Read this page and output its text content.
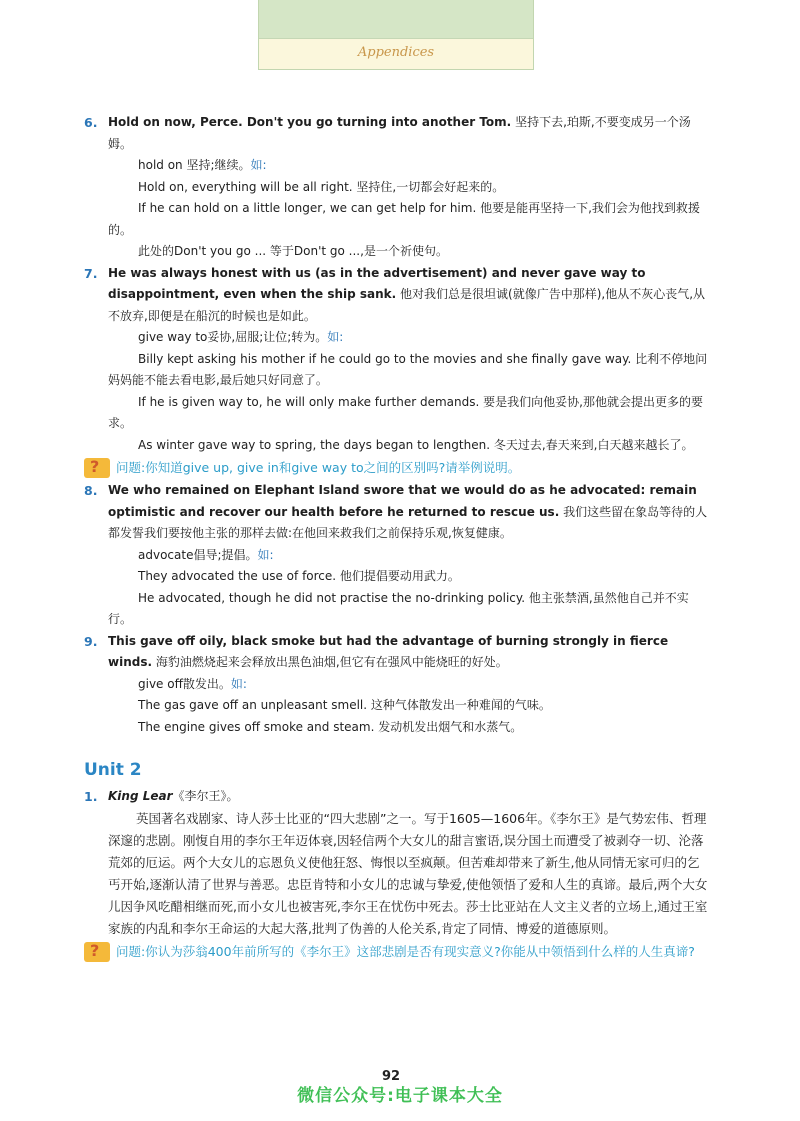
Appendices
6. Hold on now, Perce. Don't you go turning into another Tom. 坚持下去,珀斯,不要变成另一个汤姆。

hold on 坚持;继续。如:

Hold on, everything will be all right. 坚持住,一切都会好起来的。

If he can hold on a little longer, we can get help for him. 他要是能再坚持一下,我们会为他找到救援的。

此处的Don't you go ... 等于Don't go ...,是一个祈使句。

7. He was always honest with us (as in the advertisement) and never gave way to disappointment, even when the ship sank. 他对我们总是很坦诚(就像广告中那样),他从不灰心丧气,从不放弃,即便是在船沉的时候也是如此。

give way to妥协,屈服;让位;转为。如:

Billy kept asking his mother if he could go to the movies and she finally gave way. 比利不停地问妈妈能不能去看电影,最后她只好同意了。

If he is given way to, he will only make further demands. 要是我们向他妥协,那他就会提出更多的要求。

As winter gave way to spring, the days began to lengthen. 冬天过去,春天来到,白天越来越长了。

? 问题:你知道give up, give in和give way to之间的区别吗?请举例说明。
8. We who remained on Elephant Island swore that we would do as he advocated: remain optimistic and recover our health before he returned to rescue us. 我们这些留在象岛等待的人都发誓我们要按他主张的那样去做:在他回来救我们之前保持乐观,恢复健康。

advocate倡导;提倡。如:

They advocated the use of force. 他们提倡要动用武力。

He advocated, though he did not practise the no-drinking policy. 他主张禁酒,虽然他自己并不实行。

9. This gave off oily, black smoke but had the advantage of burning strongly in fierce winds. 海豹油燃烧起来会释放出黑色油烟,但它有在强风中能烧旺的好处。

give off散发出。如:

The gas gave off an unpleasant smell. 这种气体散发出一种难闻的气味。

The engine gives off smoke and steam. 发动机发出烟气和水蒸气。

Unit 2
1. King Lear《李尔王》。

英国著名戏剧家、诗人莎士比亚的“四大悲剧”之一。写于1605—1606年。《李尔王》是气势宏伟、哲理深邃的悲剧。刚愎自用的李尔王年迈体衰,因轻信两个大女儿的甜言蜜语,误分国土而遭受了被剥夺一切、沦落荒郊的厄运。两个大女儿的忘恩负义使他狂怒、悔恨以至疯颠。但苦难却带来了新生,他从同情无家可归的乞丐开始,逐渐认清了世界与善恶。忠臣肯特和小女儿的忠诚与挚爱,使他领悟了爱和人生的真谛。最后,两个大女儿因争风吃醋相继而死,而小女儿也被害死,李尔王在忧伤中死去。莎士比亚站在人文主义者的立场上,通过王室家族的内乱和李尔王命运的大起大落,批判了伪善的人伦关系,肯定了同情、博爱的道德原则。

? 问题:你认为莎翁400年前所写的《李尔王》这部悲剧是否有现实意义?你能从中领悟到什么样的人生真谛?
92
微信公众号:电子课本大全
